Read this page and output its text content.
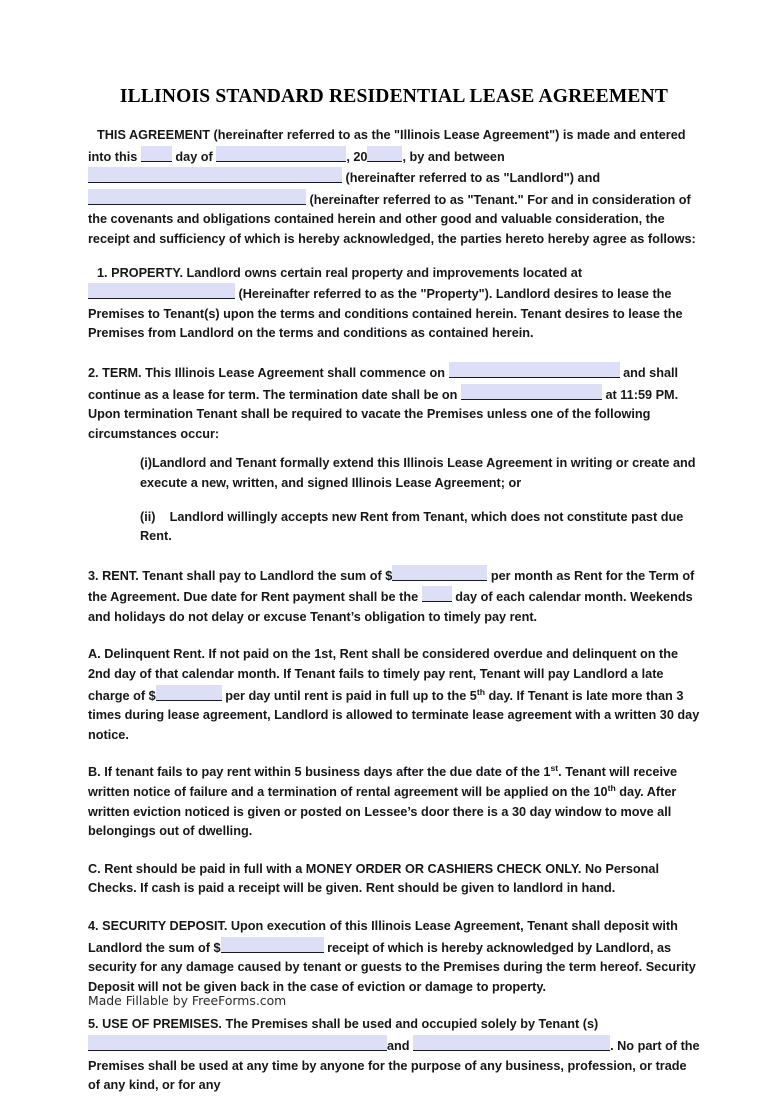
ILLINOIS STANDARD RESIDENTIAL LEASE AGREEMENT

THIS AGREEMENT (hereinafter referred to as the "Illinois Lease Agreement") is made and entered into this	day of	, 20	, by and between  (hereinafter referred to as "Landlord") and  (hereinafter referred to as "Tenant." For and in consideration of the covenants and obligations contained herein and other good and valuable consideration, the receipt and sufficiency of which is hereby acknowledged, the parties hereto hereby agree as follows:

1. PROPERTY. Landlord owns certain real property and improvements located at (Hereinafter referred to as the "Property"). Landlord desires to lease the Premises to Tenant(s) upon the terms and conditions contained herein. Tenant desires to lease the Premises from Landlord on the terms and conditions as contained herein.

2. TERM. This Illinois Lease Agreement shall commence on	and shall continue as a lease for term. The termination date shall be on	at 11:59 PM. Upon termination Tenant shall be required to vacate the Premises unless one of the following circumstances occur:

(i)Landlord and Tenant formally extend this Illinois Lease Agreement in writing or create and execute a new, written, and signed Illinois Lease Agreement; or

(ii) Landlord willingly accepts new Rent from Tenant, which does not constitute past due Rent.

3. RENT. Tenant shall pay to Landlord the sum of $	per month as Rent for the Term of the Agreement. Due date for Rent payment shall be the	day of each calendar month. Weekends and holidays do not delay or excuse Tenant’s obligation to timely pay rent.

A. Delinquent Rent. If not paid on the 1st, Rent shall be considered overdue and delinquent on the 2nd day of that calendar month. If Tenant fails to timely pay rent, Tenant will pay Landlord a late charge of $	per day until rent is paid in full up to the 5th day. If Tenant is late more than 3 times during lease agreement, Landlord is allowed to terminate lease agreement with a written 30 day notice.

B. If tenant fails to pay rent within 5 business days after the due date of the 1st. Tenant will receive written notice of failure and a termination of rental agreement will be applied on the 10th day. After written eviction noticed is given or posted on Lessee’s door there is a 30 day window to move all belongings out of dwelling.

C. Rent should be paid in full with a MONEY ORDER OR CASHIERS CHECK ONLY. No Personal Checks. If cash is paid a receipt will be given. Rent should be given to landlord in hand.

4. SECURITY DEPOSIT. Upon execution of this Illinois Lease Agreement, Tenant shall deposit with Landlord the sum of $	receipt of which is hereby acknowledged by Landlord, as security for any damage caused by tenant or guests to the Premises during the term hereof. Security Deposit will not be given back in the case of eviction or damage to property.

5. USE OF PREMISES. The Premises shall be used and occupied solely by Tenant (s) and	. No part of the Premises shall be used at any time by anyone for the purpose of any business, profession, or trade of any kind, or for any

Made Fillable by FreeForms.com
